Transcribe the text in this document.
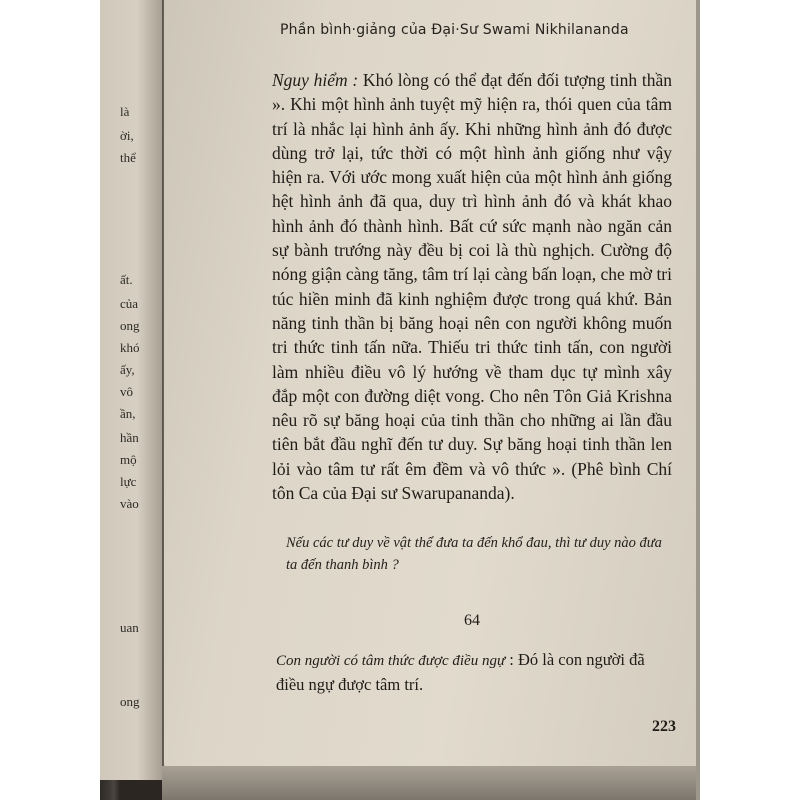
là
ời,
thể
ất.
của
ong
khó
ấy,
vô
ần,
hần
mộ
lực
vào
uan
ong
Phần bình·giảng của Đại·Sư Swami Nikhilananda
Nguy hiểm : Khó lòng có thể đạt đến đối tượng tinh thần ». Khi một hình ảnh tuyệt mỹ hiện ra, thói quen của tâm trí là nhắc lại hình ảnh ấy. Khi những hình ảnh đó được dùng trở lại, tức thời có một hình ảnh giống như vậy hiện ra. Với ước mong xuất hiện của một hình ảnh giống hệt hình ảnh đã qua, duy trì hình ảnh đó và khát khao hình ảnh đó thành hình. Bất cứ sức mạnh nào ngăn cản sự bành trướng này đều bị coi là thù nghịch. Cường độ nóng giận càng tăng, tâm trí lại càng bấn loạn, che mờ tri túc hiền minh đã kinh nghiệm được trong quá khứ. Bản năng tinh thần bị băng hoại nên con người không muốn tri thức tinh tấn nữa. Thiếu tri thức tinh tấn, con người làm nhiều điều vô lý hướng về tham dục tự mình xây đắp một con đường diệt vong. Cho nên Tôn Giả Krishna nêu rõ sự băng hoại của tinh thần cho những ai lần đầu tiên bắt đầu nghĩ đến tư duy. Sự băng hoại tinh thần len lỏi vào tâm tư rất êm đềm và vô thức ». (Phê bình Chí tôn Ca của Đại sư Swarupananda).
Nếu các tư duy về vật thể đưa ta đến khổ đau, thì tư duy nào đưa ta đến thanh bình ?
64
Con người có tâm thức được điều ngự : Đó là con người đã điều ngự được tâm trí.
223
